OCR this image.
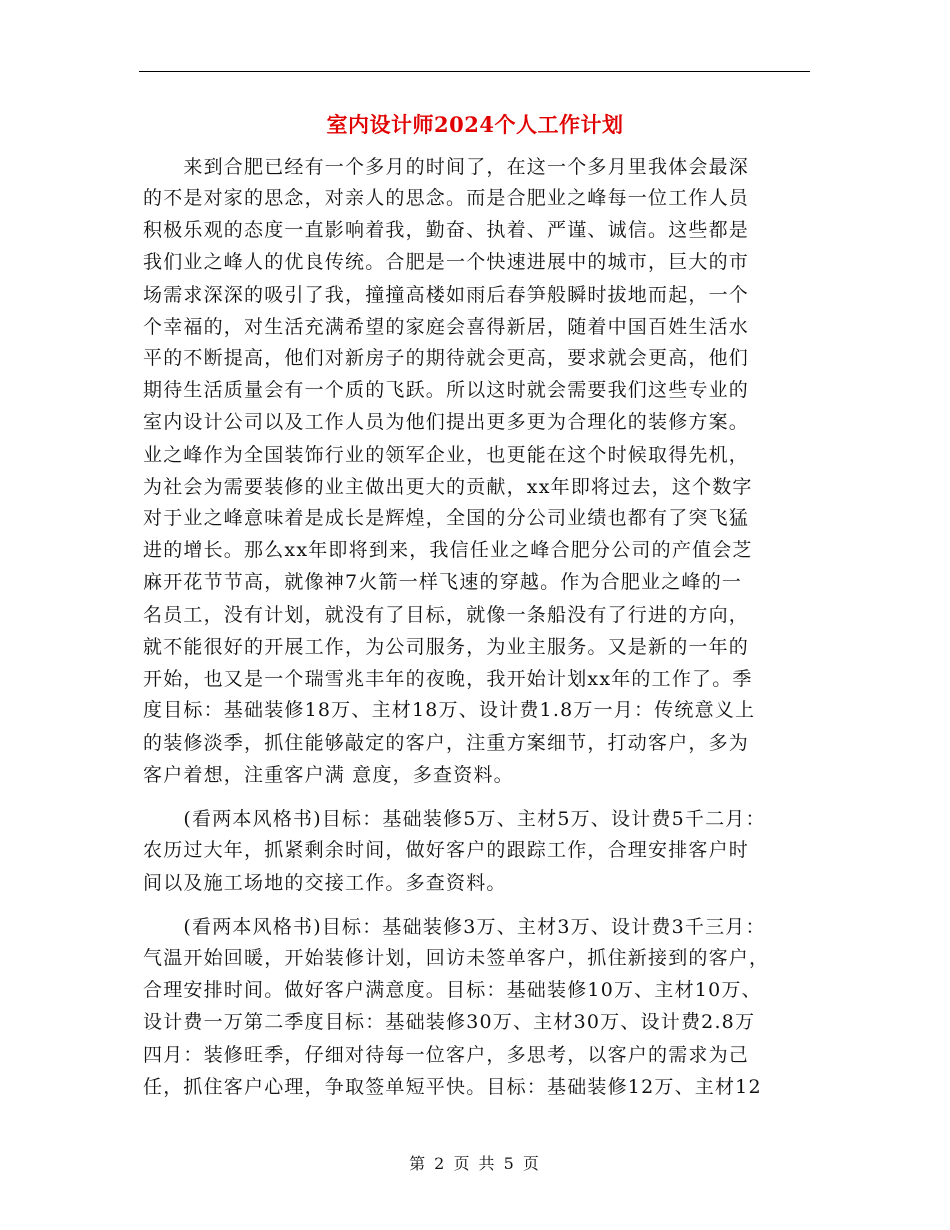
室内设计师2024个人工作计划
　　来到合肥已经有一个多月的时间了，在这一个多月里我体会最深
的不是对家的思念，对亲人的思念。而是合肥业之峰每一位工作人员
积极乐观的态度一直影响着我，勤奋、执着、严谨、诚信。这些都是
我们业之峰人的优良传统。合肥是一个快速进展中的城市，巨大的市
场需求深深的吸引了我，撞撞高楼如雨后春笋般瞬时拔地而起，一个
个幸福的，对生活充满希望的家庭会喜得新居，随着中国百姓生活水
平的不断提高，他们对新房子的期待就会更高，要求就会更高，他们
期待生活质量会有一个质的飞跃。所以这时就会需要我们这些专业的
室内设计公司以及工作人员为他们提出更多更为合理化的装修方案。
业之峰作为全国装饰行业的领军企业，也更能在这个时候取得先机，
为社会为需要装修的业主做出更大的贡献，xx年即将过去，这个数字
对于业之峰意味着是成长是辉煌，全国的分公司业绩也都有了突飞猛
进的增长。那么xx年即将到来，我信任业之峰合肥分公司的产值会芝
麻开花节节高，就像神7火箭一样飞速的穿越。作为合肥业之峰的一
名员工，没有计划，就没有了目标，就像一条船没有了行进的方向，
就不能很好的开展工作，为公司服务，为业主服务。又是新的一年的
开始，也又是一个瑞雪兆丰年的夜晚，我开始计划xx年的工作了。季
度目标：基础装修18万、主材18万、设计费1.8万一月：传统意义上
的装修淡季，抓住能够敲定的客户，注重方案细节，打动客户，多为
客户着想，注重客户满 意度，多查资料。
　　(看两本风格书)目标：基础装修5万、主材5万、设计费5千二月：
农历过大年，抓紧剩余时间，做好客户的跟踪工作，合理安排客户时
间以及施工场地的交接工作。多查资料。
　　(看两本风格书)目标：基础装修3万、主材3万、设计费3千三月：
气温开始回暖，开始装修计划，回访未签单客户，抓住新接到的客户，
合理安排时间。做好客户满意度。目标：基础装修10万、主材10万、
设计费一万第二季度目标：基础装修30万、主材30万、设计费2.8万
四月：装修旺季，仔细对待每一位客户，多思考，以客户的需求为己
任，抓住客户心理，争取签单短平快。目标：基础装修12万、主材12
第 2 页 共 5 页
